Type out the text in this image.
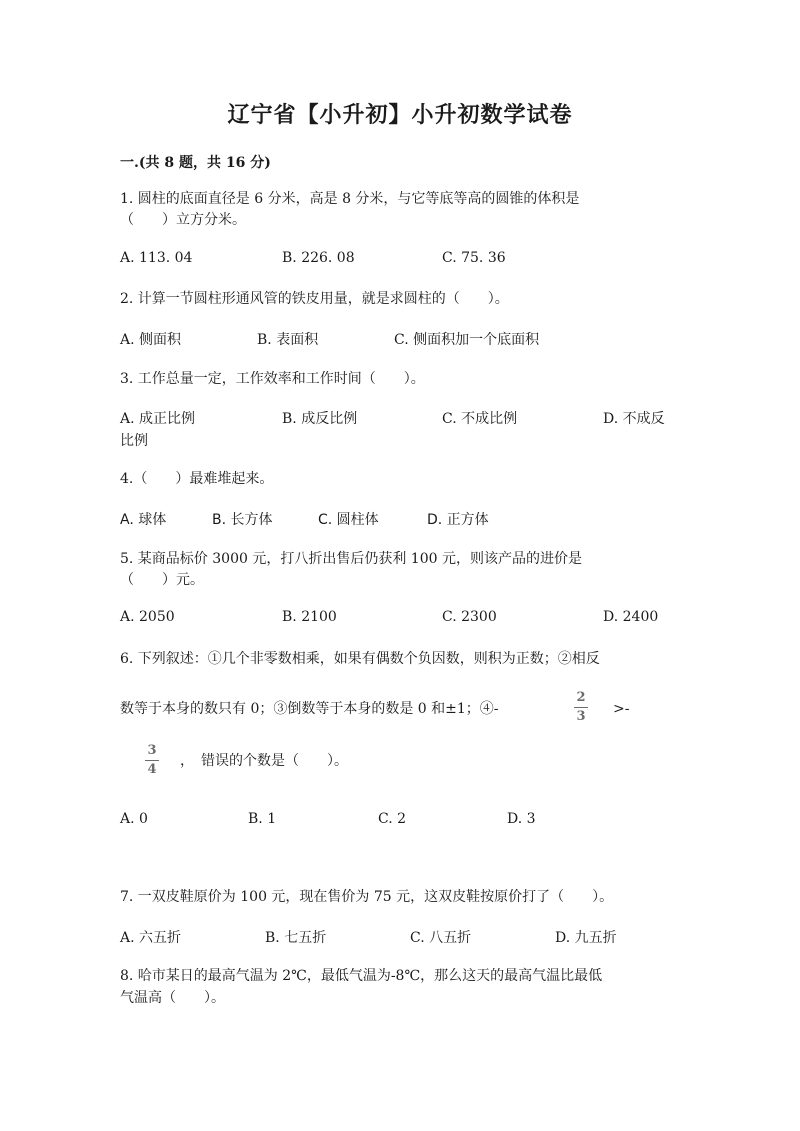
辽宁省【小升初】小升初数学试卷
一.(共 8 题，共 16 分)
1. 圆柱的底面直径是 6 分米，高是 8 分米，与它等底等高的圆锥的体积是
（　　）立方分米。
A. 113. 04	B. 226. 08	C. 75. 36
2. 计算一节圆柱形通风管的铁皮用量，就是求圆柱的（　　）。
A. 侧面积	B. 表面积	C. 侧面积加一个底面积
3. 工作总量一定，工作效率和工作时间（　　）。
A. 成正比例	B. 成反比例	C. 不成比例	D. 不成反
比例
4.（　　）最难堆起来。
A. 球体	B. 长方体	C. 圆柱体	D. 正方体
5. 某商品标价 3000 元，打八折出售后仍获利 100 元，则该产品的进价是
（　　）元。
A. 2050	B. 2100	C. 2300	D. 2400
6. 下列叙述：①几个非零数相乘，如果有偶数个负因数，则积为正数；②相反
数等于本身的数只有 0；③倒数等于本身的数是 0 和±1；④-
2
3 >-
3
4
，　错误的个数是（　　）。
A. 0	B. 1	C. 2	D. 3
7. 一双皮鞋原价为 100 元，现在售价为 75 元，这双皮鞋按原价打了（　　）。
A. 六五折	B. 七五折	C. 八五折	D. 九五折
8. 哈市某日的最高气温为 2℃，最低气温为-8℃，那么这天的最高气温比最低
气温高（　　）。
